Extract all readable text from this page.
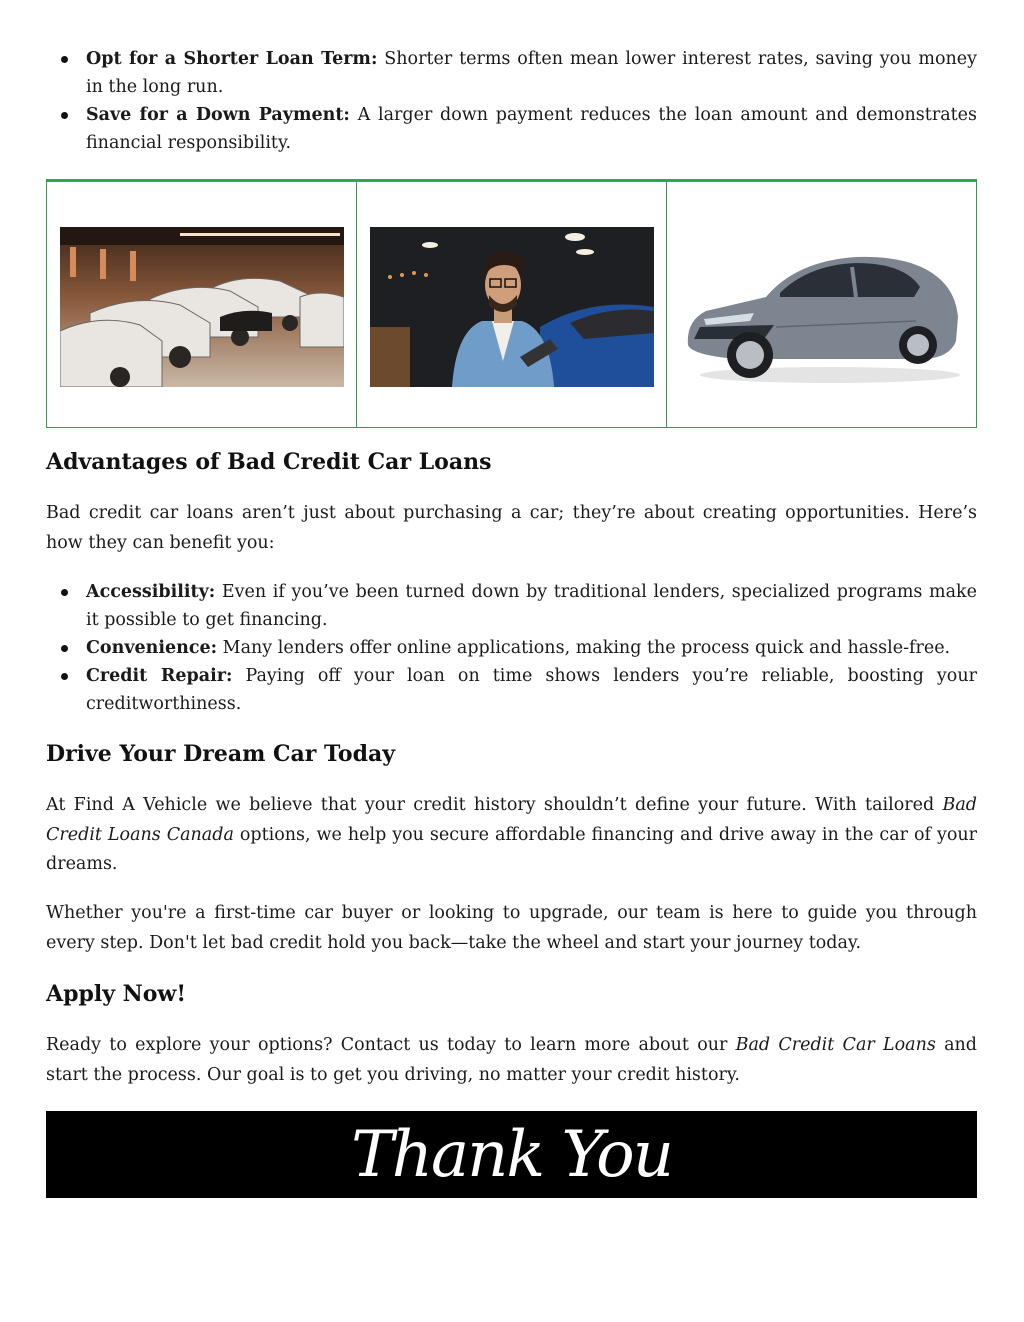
Opt for a Shorter Loan Term: Shorter terms often mean lower interest rates, saving you money in the long run.
Save for a Down Payment: A larger down payment reduces the loan amount and demonstrates financial responsibility.
Advantages of Bad Credit Car Loans

Bad credit car loans aren’t just about purchasing a car; they’re about creating opportunities. Here’s how they can benefit you:

Accessibility: Even if you’ve been turned down by traditional lenders, specialized programs make it possible to get financing.
Convenience: Many lenders offer online applications, making the process quick and hassle-free.
Credit Repair: Paying off your loan on time shows lenders you’re reliable, boosting your creditworthiness.
Drive Your Dream Car Today

At Find A Vehicle we believe that your credit history shouldn’t define your future. With tailored Bad Credit Loans Canada options, we help you secure affordable financing and drive away in the car of your dreams.

Whether you're a first-time car buyer or looking to upgrade, our team is here to guide you through every step. Don't let bad credit hold you back—take the wheel and start your journey today.

Apply Now!

Ready to explore your options? Contact us today to learn more about our Bad Credit Car Loans and start the process. Our goal is to get you driving, no matter your credit history.

Thank You
